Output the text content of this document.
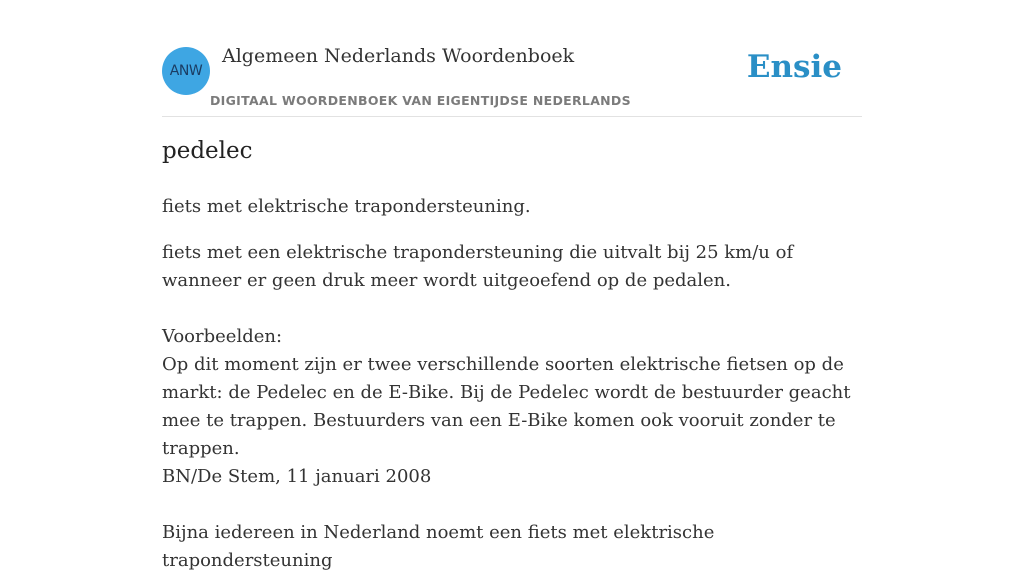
ANW
Algemeen Nederlands Woordenboek
DIGITAAL WOORDENBOEK VAN EIGENTIJDSE NEDERLANDS
Ensie
pedelec

fiets met elektrische trapondersteuning.

fiets met een elektrische trapondersteuning die uitvalt bij 25 km/u of wanneer er geen druk meer wordt uitgeoefend op de pedalen.

Voorbeelden:

Op dit moment zijn er twee verschillende soorten elektrische fietsen op de markt: de Pedelec en de E-Bike. Bij de Pedelec wordt de bestuurder geacht mee te trappen. Bestuurders van een E-Bike komen ook vooruit zonder te trappen.

BN/De Stem, 11 januari 2008

Bijna iedereen in Nederland noemt een fiets met elektrische trapondersteuning
